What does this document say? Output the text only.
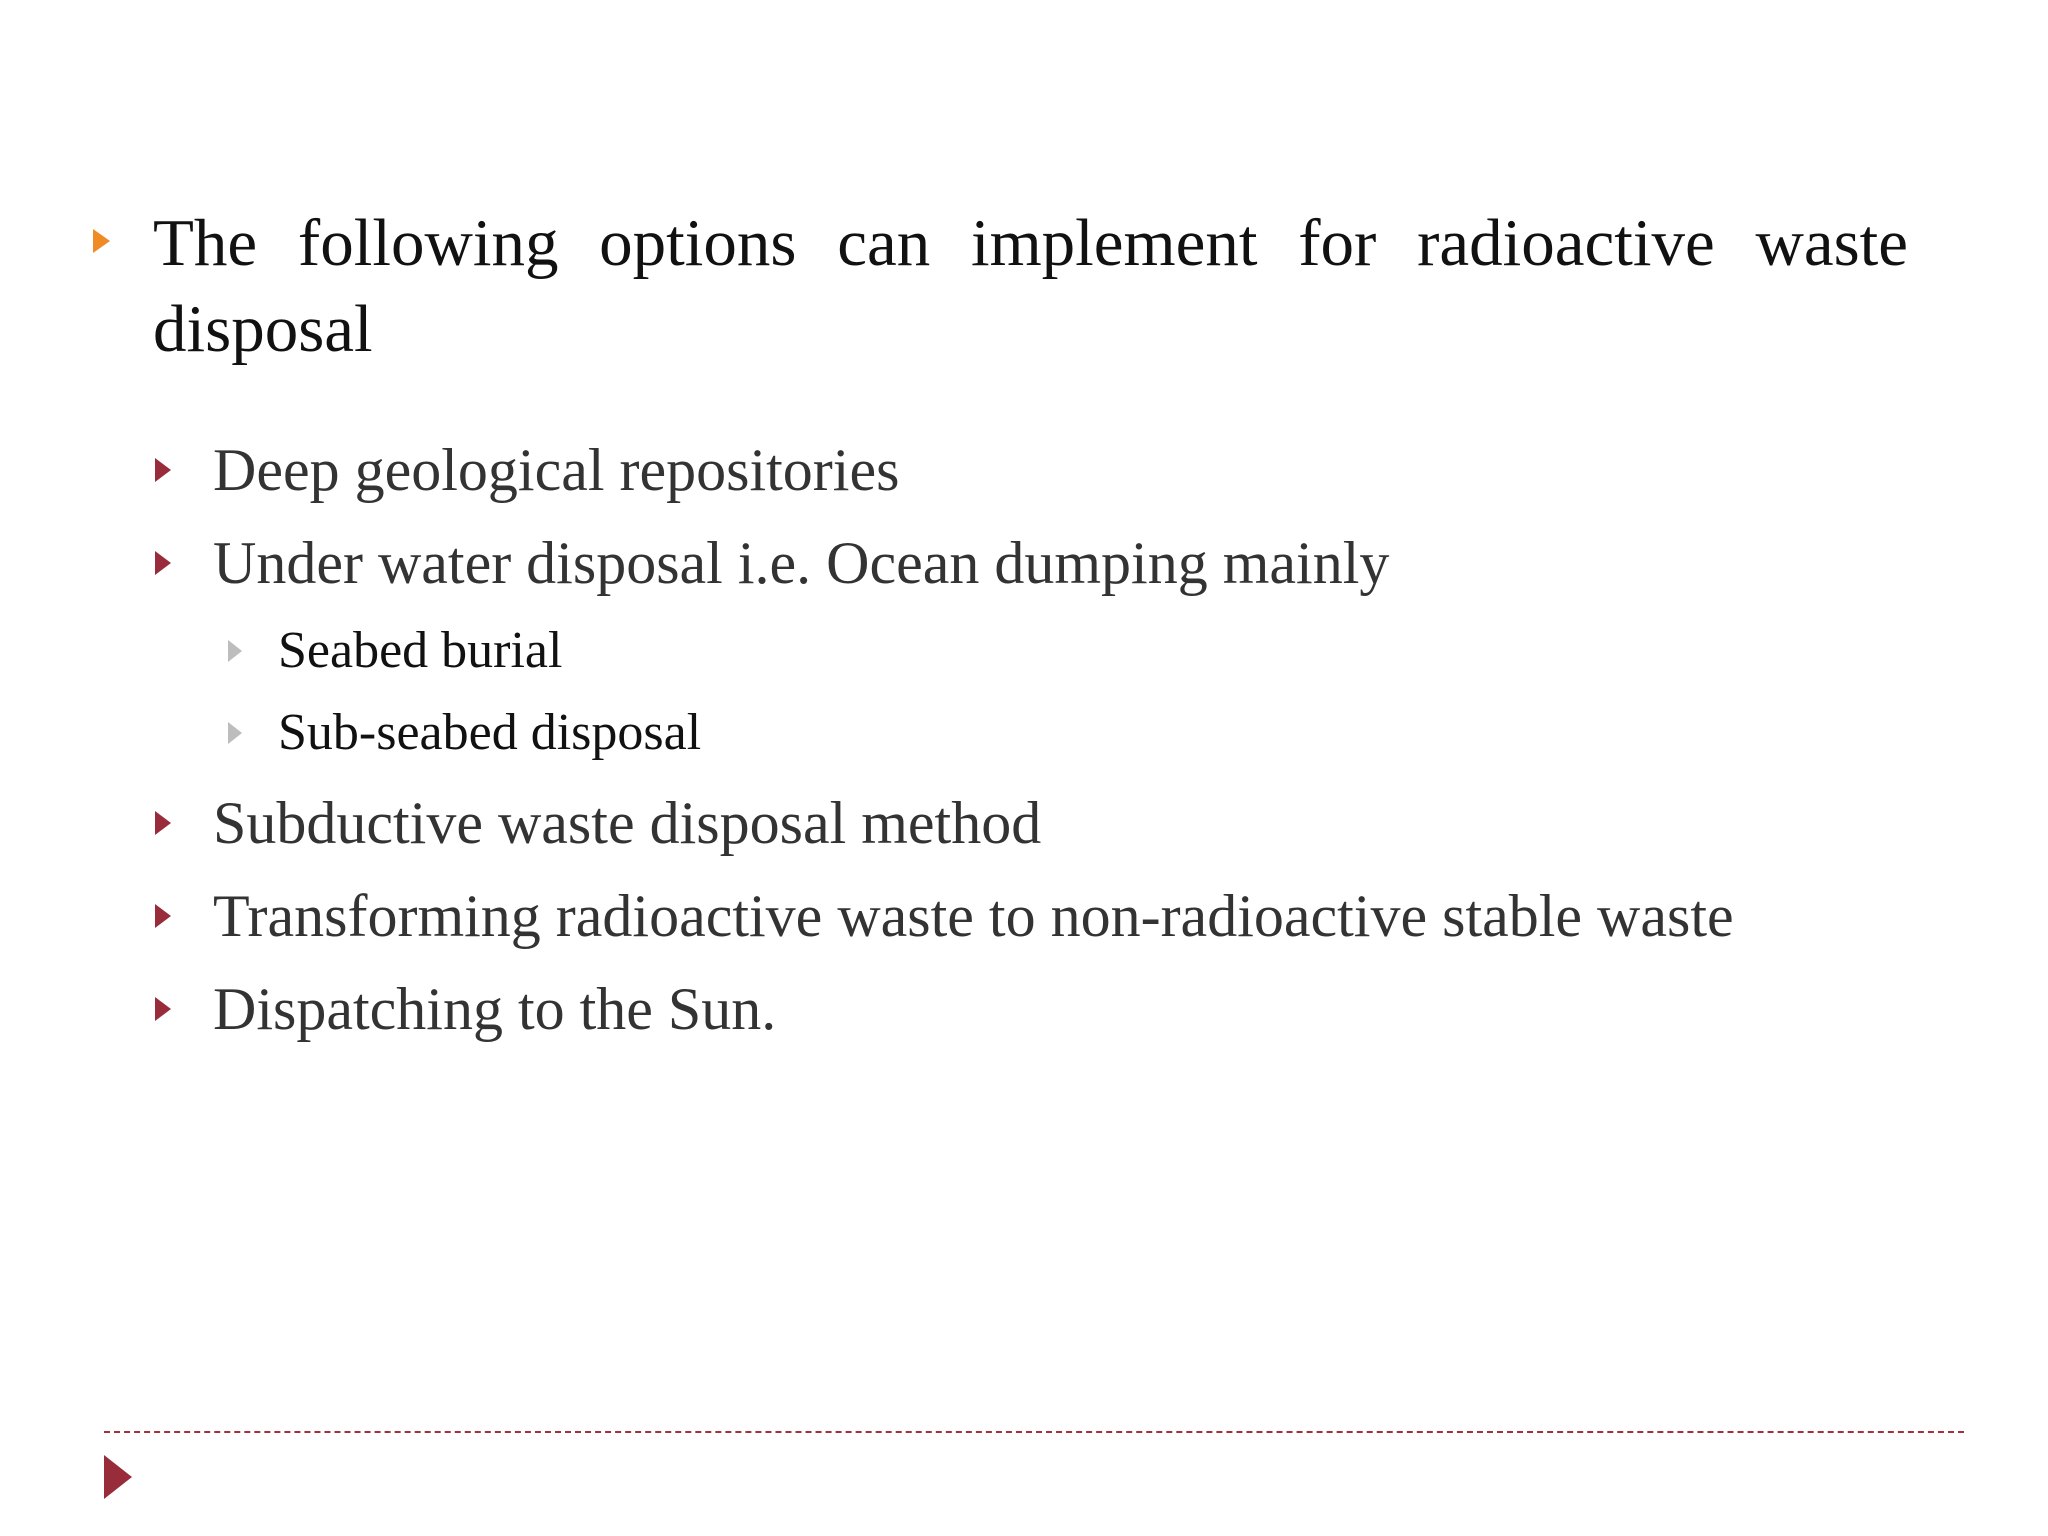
The following options can implement for radioactive waste disposal
Deep geological repositories
Under water disposal i.e. Ocean dumping mainly
Seabed burial
Sub-seabed disposal
Subductive waste disposal method
Transforming radioactive waste to non-radioactive stable waste
Dispatching to the Sun.
